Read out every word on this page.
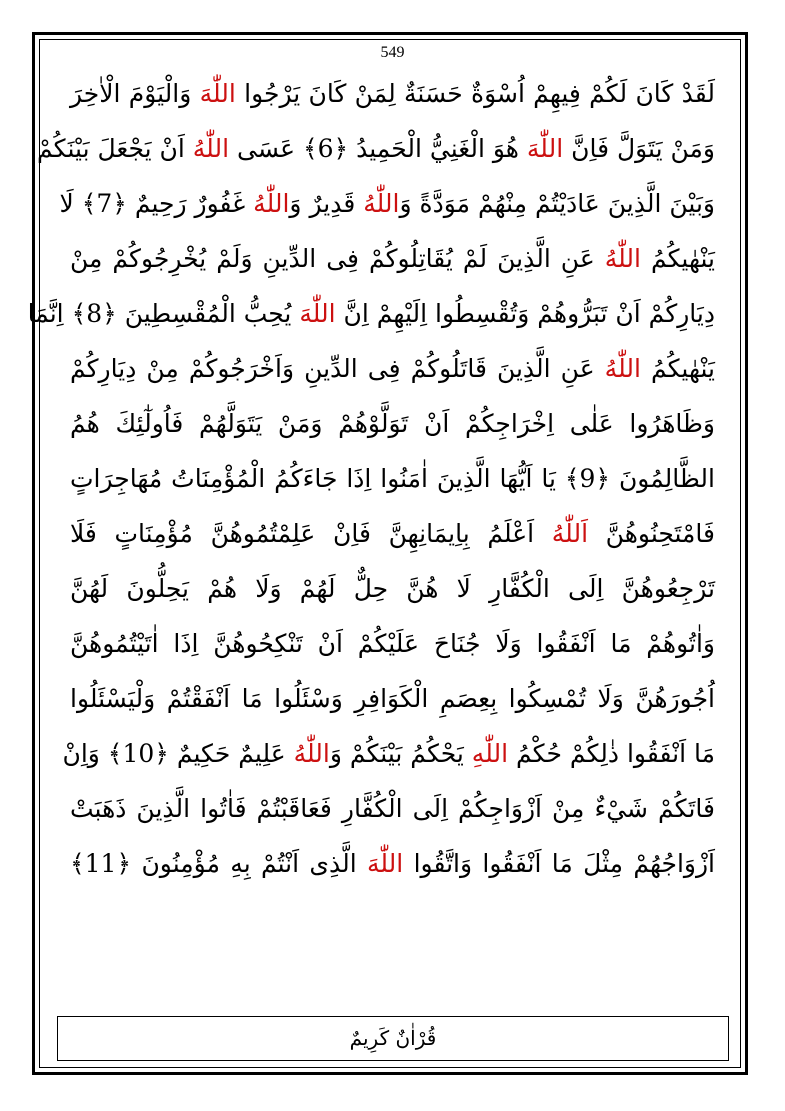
549
لَقَدْ كَانَ لَكُمْ فِيهِمْ اُسْوَةٌ حَسَنَةٌ لِمَنْ كَانَ يَرْجُوا اللّٰهَ وَالْيَوْمَ الْاٰخِرَ
وَمَنْ يَتَوَلَّ فَاِنَّ اللّٰهَ هُوَ الْغَنِيُّ الْحَمِيدُ ﴿6﴾ عَسَى اللّٰهُ اَنْ يَجْعَلَ بَيْنَكُمْ
وَبَيْنَ الَّذِينَ عَادَيْتُمْ مِنْهُمْ مَوَدَّةً وَاللّٰهُ قَدِيرٌ وَاللّٰهُ غَفُورٌ رَحِيمٌ ﴿7﴾ لَا
يَنْهٰيكُمُ اللّٰهُ عَنِ الَّذِينَ لَمْ يُقَاتِلُوكُمْ فِى الدِّينِ وَلَمْ يُخْرِجُوكُمْ مِنْ
دِيَارِكُمْ اَنْ تَبَرُّوهُمْ وَتُقْسِطُوا اِلَيْهِمْ اِنَّ اللّٰهَ يُحِبُّ الْمُقْسِطِينَ ﴿8﴾ اِنَّمَا
يَنْهٰيكُمُ اللّٰهُ عَنِ الَّذِينَ قَاتَلُوكُمْ فِى الدِّينِ وَاَخْرَجُوكُمْ مِنْ دِيَارِكُمْ
وَظَاهَرُوا عَلٰى اِخْرَاجِكُمْ اَنْ تَوَلَّوْهُمْ وَمَنْ يَتَوَلَّهُمْ فَاُولٰٓئِكَ هُمُ
الظَّالِمُونَ ﴿9﴾ يَا اَيُّهَا الَّذِينَ اٰمَنُوا اِذَا جَاءَكُمُ الْمُؤْمِنَاتُ مُهَاجِرَاتٍ
فَامْتَحِنُوهُنَّ اَللّٰهُ اَعْلَمُ بِاِيمَانِهِنَّ فَاِنْ عَلِمْتُمُوهُنَّ مُؤْمِنَاتٍ فَلَا
تَرْجِعُوهُنَّ اِلَى الْكُفَّارِ لَا هُنَّ حِلٌّ لَهُمْ وَلَا هُمْ يَحِلُّونَ لَهُنَّ
وَاٰتُوهُمْ مَا اَنْفَقُوا وَلَا جُنَاحَ عَلَيْكُمْ اَنْ تَنْكِحُوهُنَّ اِذَا اٰتَيْتُمُوهُنَّ
اُجُورَهُنَّ وَلَا تُمْسِكُوا بِعِصَمِ الْكَوَافِرِ وَسْئَلُوا مَا اَنْفَقْتُمْ وَلْيَسْئَلُوا
مَا اَنْفَقُوا ذٰلِكُمْ حُكْمُ اللّٰهِ يَحْكُمُ بَيْنَكُمْ وَاللّٰهُ عَلِيمٌ حَكِيمٌ ﴿10﴾ وَاِنْ
فَاتَكُمْ شَيْءٌ مِنْ اَزْوَاجِكُمْ اِلَى الْكُفَّارِ فَعَاقَبْتُمْ فَاٰتُوا الَّذِينَ ذَهَبَتْ
اَزْوَاجُهُمْ مِثْلَ مَا اَنْفَقُوا وَاتَّقُوا اللّٰهَ الَّذِى اَنْتُمْ بِهِ مُؤْمِنُونَ ﴿11﴾
قُرْاٰنٌ كَرِيمٌ
